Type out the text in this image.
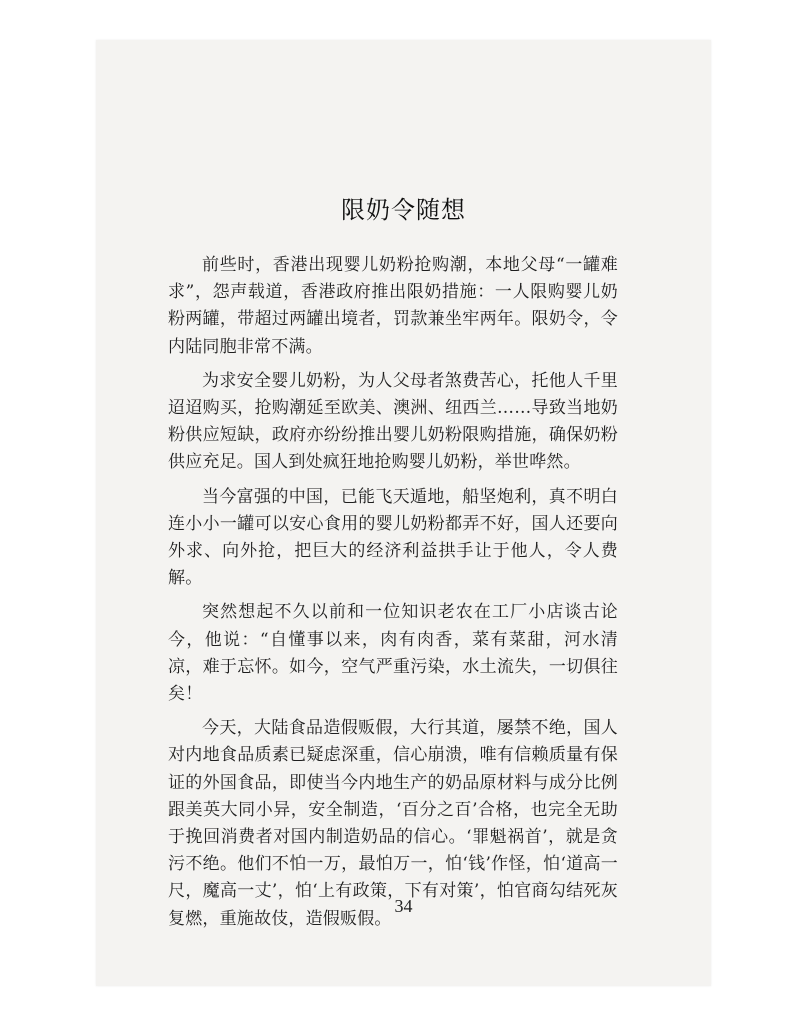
限奶令随想

前些时，香港出现婴儿奶粉抢购潮，本地父母“一罐难求”，怨声载道，香港政府推出限奶措施：一人限购婴儿奶粉两罐，带超过两罐出境者，罚款兼坐牢两年。限奶令，令内陆同胞非常不满。

为求安全婴儿奶粉，为人父母者煞费苦心，托他人千里迢迢购买，抢购潮延至欧美、澳洲、纽西兰……导致当地奶粉供应短缺，政府亦纷纷推出婴儿奶粉限购措施，确保奶粉供应充足。国人到处疯狂地抢购婴儿奶粉，举世哗然。

当今富强的中国，已能飞天遁地，船坚炮利，真不明白连小小一罐可以安心食用的婴儿奶粉都弄不好，国人还要向外求、向外抢，把巨大的经济利益拱手让于他人，令人费解。

突然想起不久以前和一位知识老农在工厂小店谈古论今，他说：“自懂事以来，肉有肉香，菜有菜甜，河水清凉，难于忘怀。如今，空气严重污染，水土流失，一切俱往矣！

今天，大陆食品造假贩假，大行其道，屡禁不绝，国人对内地食品质素已疑虑深重，信心崩溃，唯有信赖质量有保证的外国食品，即使当今内地生产的奶品原材料与成分比例跟美英大同小异，安全制造，‘百分之百’合格，也完全无助于挽回消费者对国内制造奶品的信心。‘罪魁祸首’，就是贪污不绝。他们不怕一万，最怕万一，怕‘钱’作怪，怕‘道高一尺，魔高一丈’，怕‘上有政策，下有对策’，怕官商勾结死灰复燃，重施故伎，造假贩假。

34
